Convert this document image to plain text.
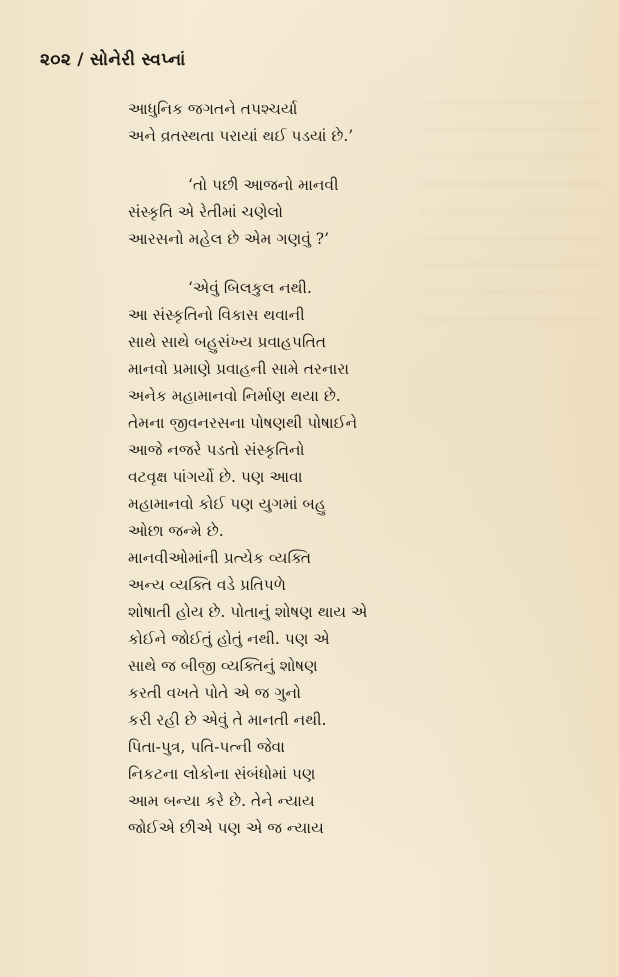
૨૦૨ / સોનેરી સ્વપ્નાં
આધુનિક જગતને તપશ્ચર્યા
અને વ્રતસ્થતા પરાયાં થઈ પડયાં છે.’
‘તો પછી આજનો માનવી
સંસ્કૃતિ એ રેતીમાં ચણેલો
આરસનો મહેલ છે એમ ગણવું ?’
‘એવું બિલકુલ નથી.
આ સંસ્કૃતિનો વિકાસ થવાની
સાથે સાથે બહુસંખ્ય પ્રવાહપતિત
માનવો પ્રમાણે પ્રવાહની સામે તરનારા
અનેક મહામાનવો નિર્માણ થયા છે.
તેમના જીવનરસના પોષણથી પોષાઈને
આજે નજરે પડતો સંસ્કૃતિનો
વટવૃક્ષ પાંગર્યો છે. પણ આવા
મહામાનવો કોઈ પણ યુગમાં બહુ
ઓછા જન્મે છે.
માનવીઓમાંની પ્રત્યેક વ્યક્તિ
અન્ય વ્યક્તિ વડે પ્રતિપળે
શોષાતી હોય છે. પોતાનું શોષણ થાય એ
કોઈને જોઈતું હોતું નથી. પણ એ
સાથે જ બીજી વ્યક્તિનું શોષણ
કરતી વખતે પોતે એ જ ગુનો
કરી રહી છે એવું તે માનતી નથી.
પિતા-પુત્ર, પતિ-પત્ની જેવા
નિકટના લોકોના સંબંધોમાં પણ
આમ બન્યા કરે છે. તેને ન્યાય
જોઈએ છીએ પણ એ જ ન્યાય
